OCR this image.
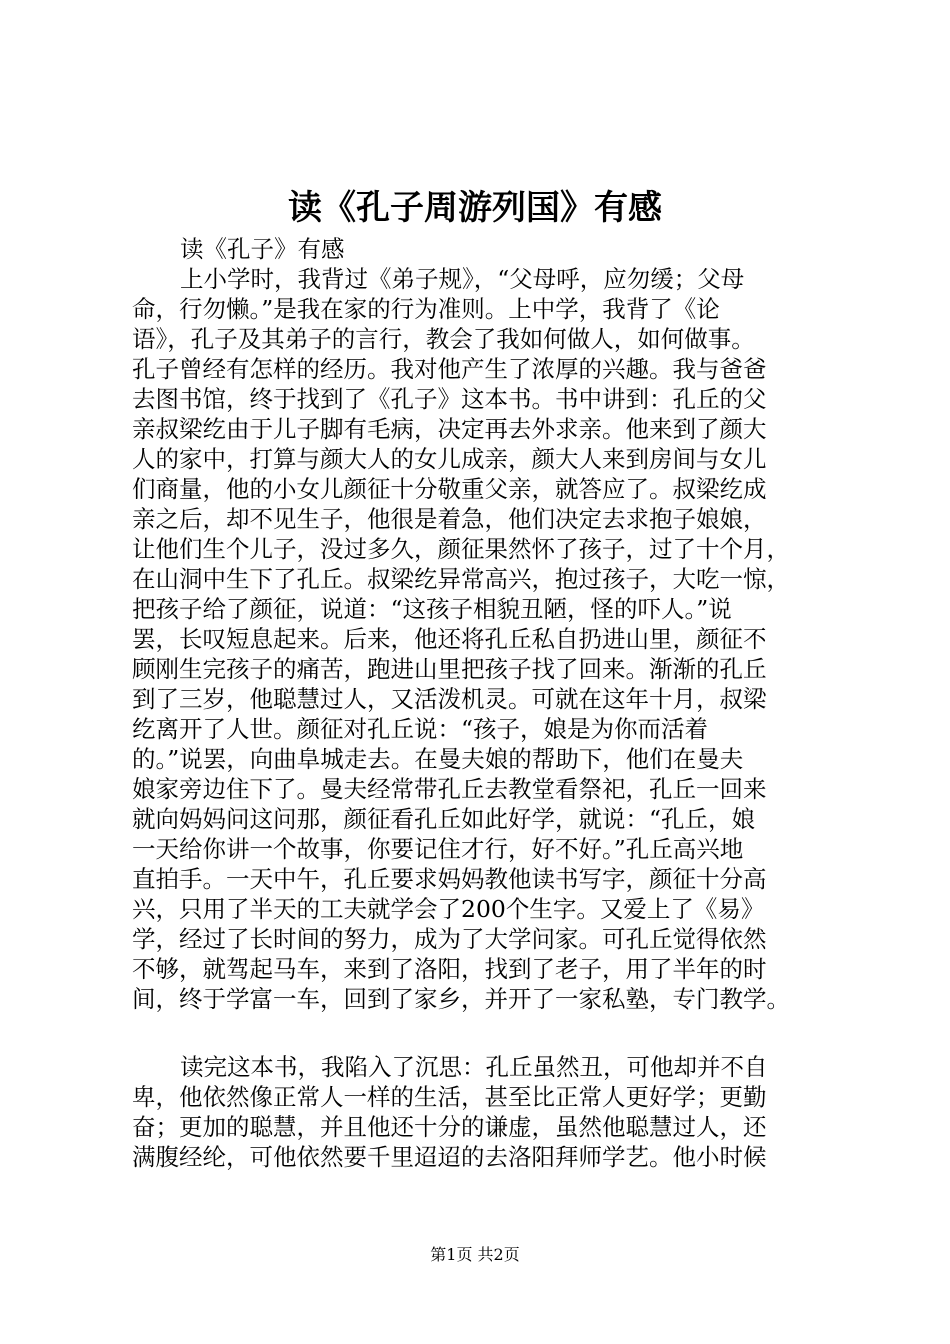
读《孔子周游列国》有感

读《孔子》有感

上小学时，我背过《弟子规》，“父母呼，应勿缓；父母

命，行勿懒。”是我在家的行为准则。上中学，我背了《论

语》，孔子及其弟子的言行，教会了我如何做人，如何做事。

孔子曾经有怎样的经历。我对他产生了浓厚的兴趣。我与爸爸

去图书馆，终于找到了《孔子》这本书。书中讲到：孔丘的父

亲叔梁纥由于儿子脚有毛病，决定再去外求亲。他来到了颜大

人的家中，打算与颜大人的女儿成亲，颜大人来到房间与女儿

们商量，他的小女儿颜征十分敬重父亲，就答应了。叔梁纥成

亲之后，却不见生子，他很是着急，他们决定去求抱子娘娘，

让他们生个儿子，没过多久，颜征果然怀了孩子，过了十个月，

在山洞中生下了孔丘。叔梁纥异常高兴，抱过孩子，大吃一惊，

把孩子给了颜征，说道：“这孩子相貌丑陋，怪的吓人。”说

罢，长叹短息起来。后来，他还将孔丘私自扔进山里，颜征不

顾刚生完孩子的痛苦，跑进山里把孩子找了回来。渐渐的孔丘

到了三岁，他聪慧过人，又活泼机灵。可就在这年十月，叔梁

纥离开了人世。颜征对孔丘说：“孩子，娘是为你而活着

的。”说罢，向曲阜城走去。在曼夫娘的帮助下，他们在曼夫

娘家旁边住下了。曼夫经常带孔丘去教堂看祭祀，孔丘一回来

就向妈妈问这问那，颜征看孔丘如此好学，就说：“孔丘，娘

一天给你讲一个故事，你要记住才行，好不好。”孔丘高兴地

直拍手。一天中午，孔丘要求妈妈教他读书写字，颜征十分高

兴，只用了半天的工夫就学会了200个生字。又爱上了《易》

学，经过了长时间的努力，成为了大学问家。可孔丘觉得依然

不够，就驾起马车，来到了洛阳，找到了老子，用了半年的时

间，终于学富一车，回到了家乡，并开了一家私塾，专门教学。

读完这本书，我陷入了沉思：孔丘虽然丑，可他却并不自

卑，他依然像正常人一样的生活，甚至比正常人更好学；更勤

奋；更加的聪慧，并且他还十分的谦虚，虽然他聪慧过人，还

满腹经纶，可他依然要千里迢迢的去洛阳拜师学艺。他小时候

第1页 共2页
